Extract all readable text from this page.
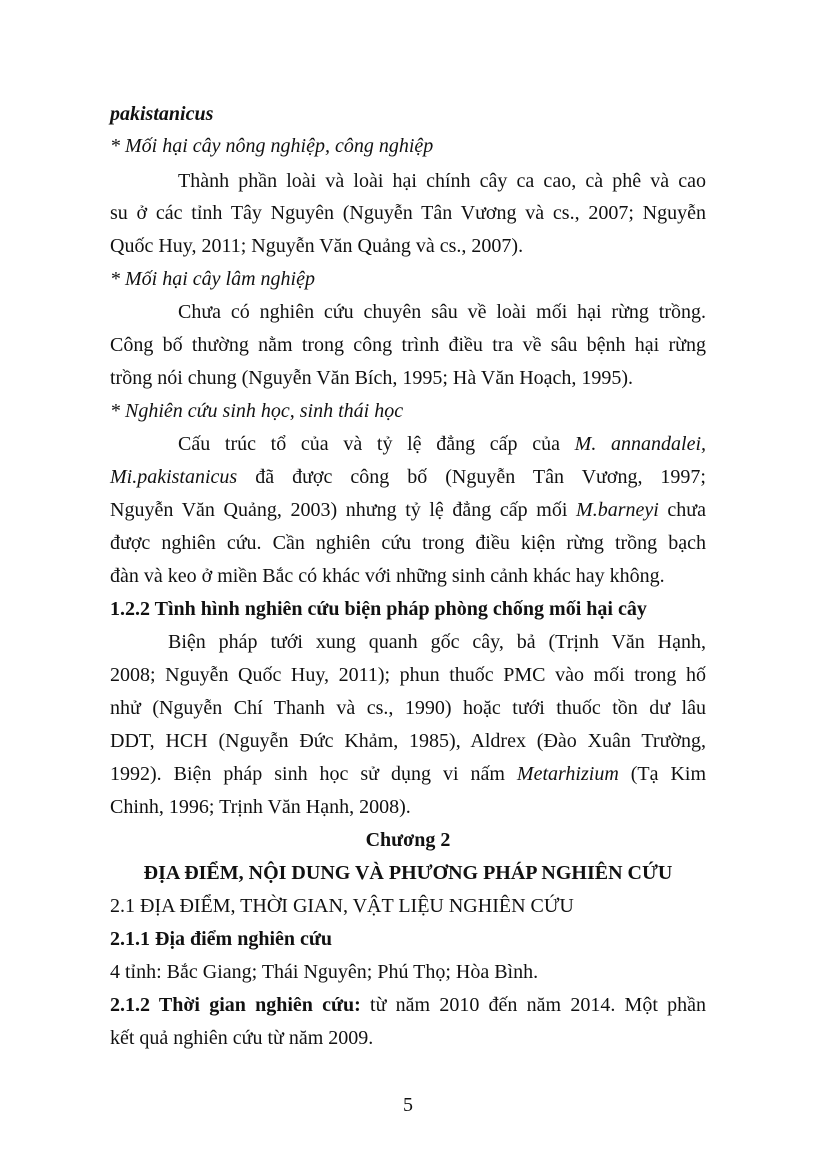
pakistanicus
* Mối hại cây nông nghiệp, công nghiệp
Thành phần loài và loài hại chính cây ca cao, cà phê và cao
su ở các tỉnh Tây Nguyên (Nguyễn Tân Vương và cs., 2007; Nguyễn
Quốc Huy, 2011; Nguyễn Văn Quảng và cs., 2007).
* Mối hại cây lâm nghiệp
Chưa có nghiên cứu chuyên sâu về loài mối hại rừng trồng.
Công bố thường nằm trong công trình điều tra về sâu bệnh hại rừng
trồng nói chung (Nguyễn Văn Bích, 1995; Hà Văn Hoạch, 1995).
* Nghiên cứu sinh học, sinh thái học
Cấu trúc tổ của và tỷ lệ đẳng cấp của M. annandalei,
Mi.pakistanicus đã được công bố (Nguyễn Tân Vương, 1997;
Nguyễn Văn Quảng, 2003) nhưng tỷ lệ đẳng cấp mối M.barneyi chưa
được nghiên cứu. Cần nghiên cứu trong điều kiện rừng trồng bạch
đàn và keo ở miền Bắc có khác với những sinh cảnh khác hay không.
1.2.2 Tình hình nghiên cứu biện pháp phòng chống mối hại cây
Biện pháp tưới xung quanh gốc cây, bả (Trịnh Văn Hạnh,
2008; Nguyễn Quốc Huy, 2011); phun thuốc PMC vào mối trong hố
nhử (Nguyễn Chí Thanh và cs., 1990) hoặc tưới thuốc tồn dư lâu
DDT, HCH (Nguyễn Đức Khảm, 1985), Aldrex (Đào Xuân Trường,
1992). Biện pháp sinh học sử dụng vi nấm Metarhizium (Tạ Kim
Chinh, 1996; Trịnh Văn Hạnh, 2008).
Chương 2
ĐỊA ĐIỂM, NỘI DUNG VÀ PHƯƠNG PHÁP NGHIÊN CỨU
2.1 ĐỊA ĐIỂM, THỜI GIAN, VẬT LIỆU NGHIÊN CỨU
2.1.1 Địa điểm nghiên cứu
4 tỉnh: Bắc Giang; Thái Nguyên; Phú Thọ; Hòa Bình.
2.1.2 Thời gian nghiên cứu: từ năm 2010 đến năm 2014. Một phần
kết quả nghiên cứu từ năm 2009.
5
